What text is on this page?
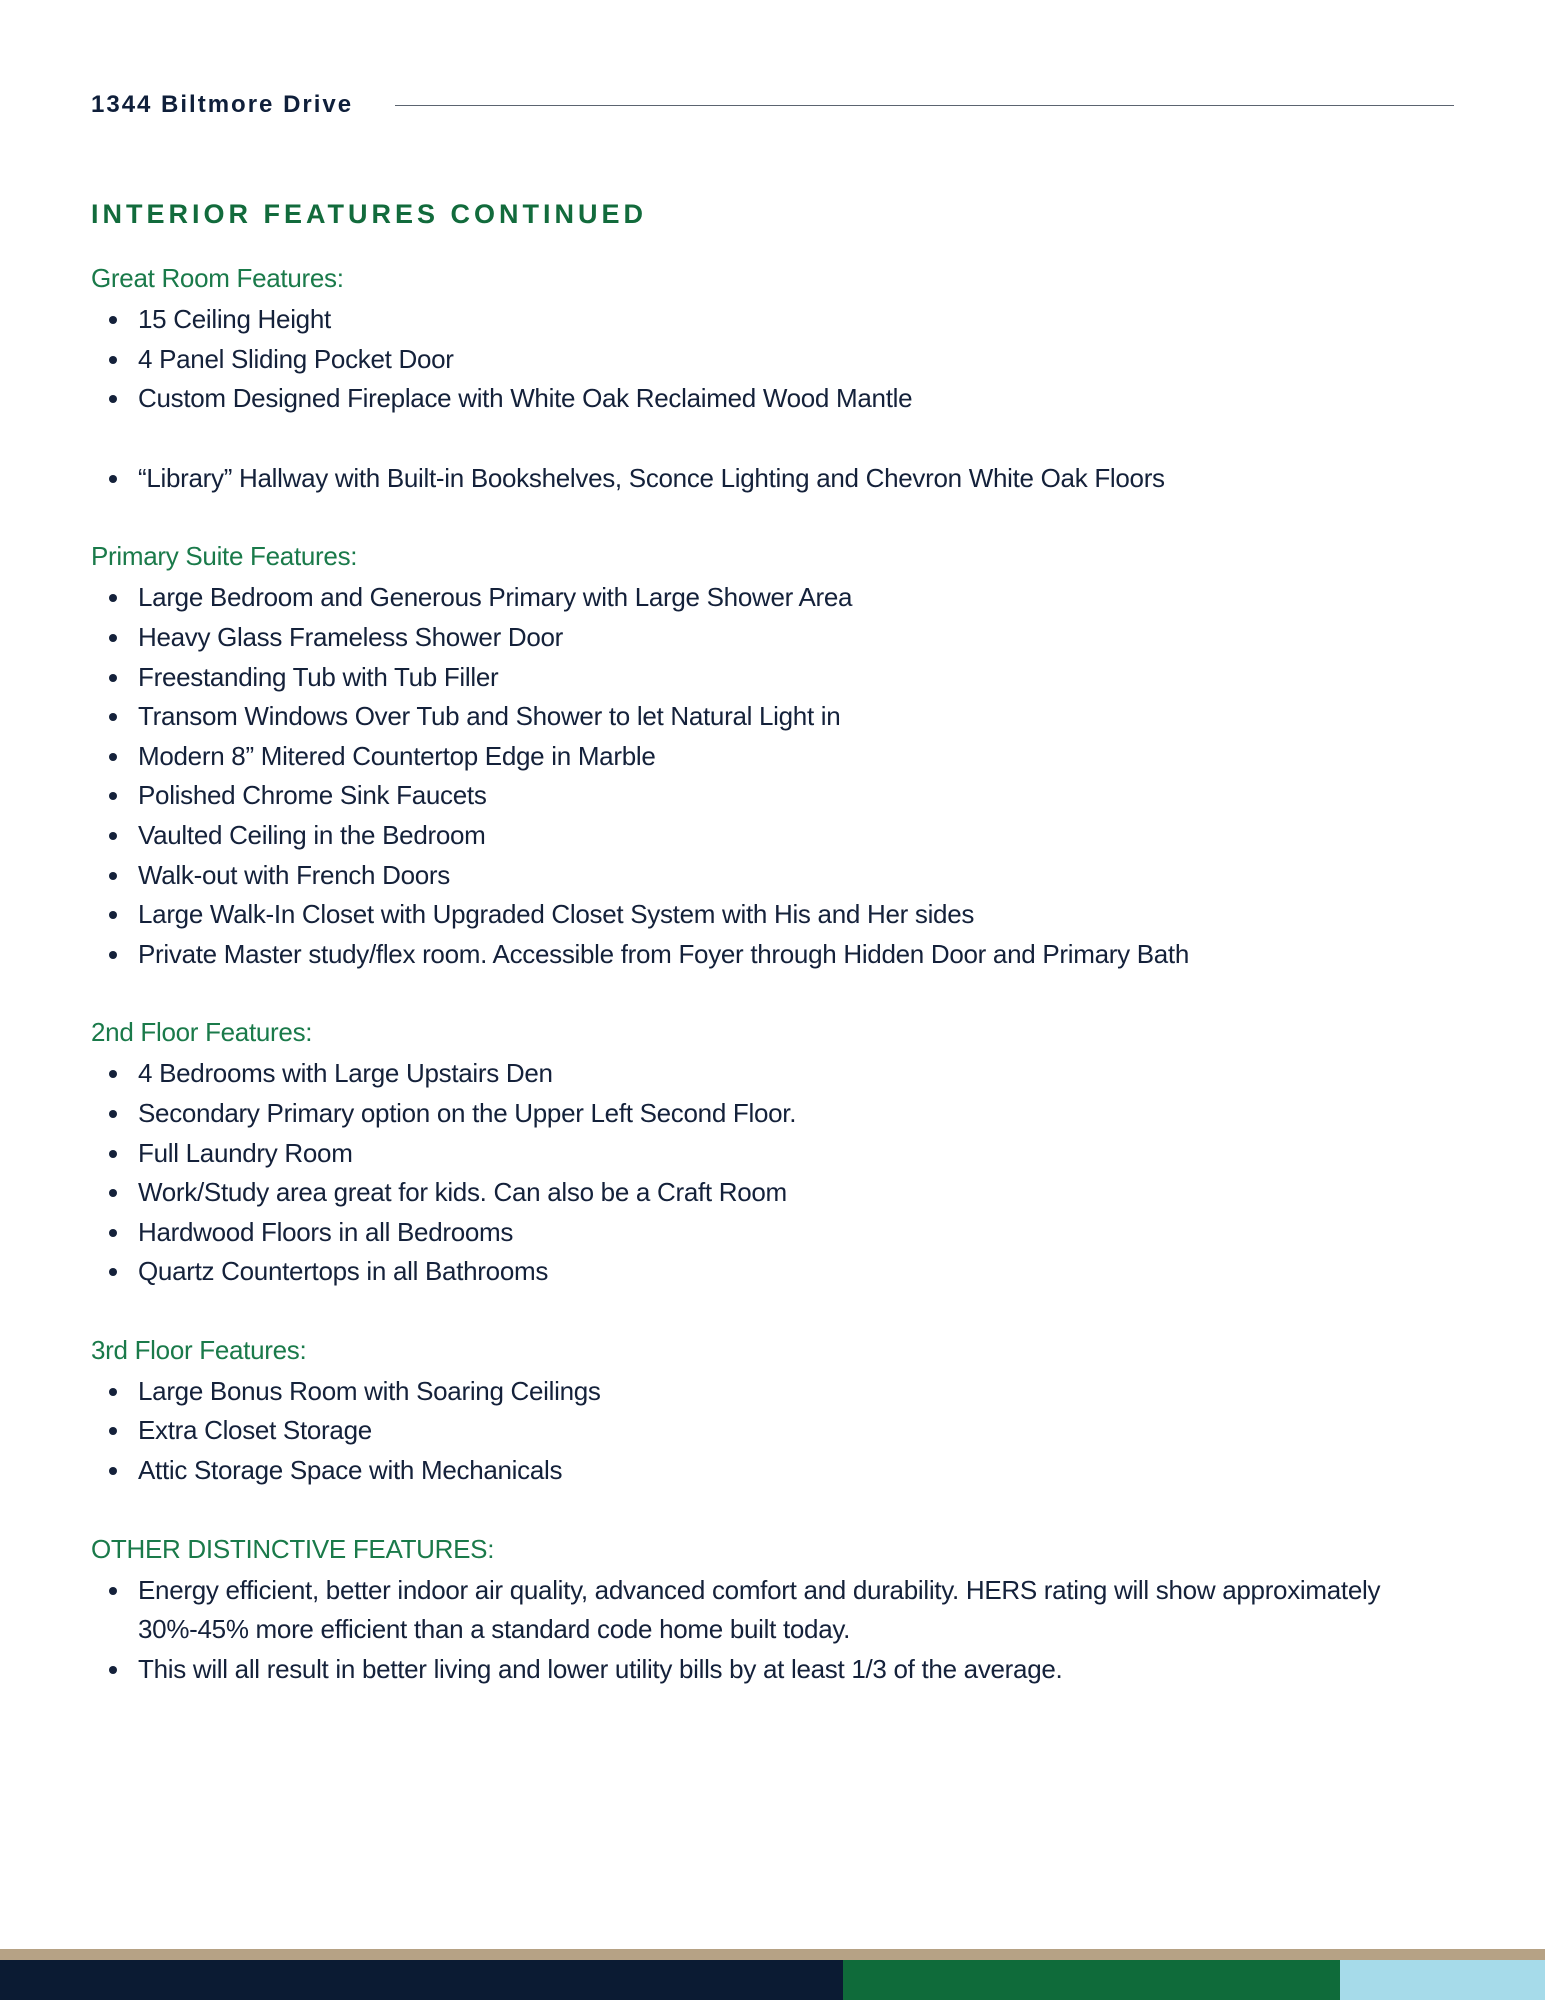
1344 Biltmore Drive
INTERIOR FEATURES CONTINUED
Great Room Features:
15 Ceiling Height
4 Panel Sliding Pocket Door
Custom Designed Fireplace with White Oak Reclaimed Wood Mantle
“Library” Hallway with Built-in Bookshelves, Sconce Lighting and Chevron White Oak Floors
Primary Suite Features:
Large Bedroom and Generous Primary with Large Shower Area
Heavy Glass Frameless Shower Door
Freestanding Tub with Tub Filler
Transom Windows Over Tub and Shower to let Natural Light in
Modern 8” Mitered Countertop Edge in Marble
Polished Chrome Sink Faucets
Vaulted Ceiling in the Bedroom
Walk-out with French Doors
Large Walk-In Closet with Upgraded Closet System with His and Her sides
Private Master study/flex room. Accessible from Foyer through Hidden Door and Primary Bath
2nd Floor Features:
4 Bedrooms with Large Upstairs Den
Secondary Primary option on the Upper Left Second Floor.
Full Laundry Room
Work/Study area great for kids. Can also be a Craft Room
Hardwood Floors in all Bedrooms
Quartz Countertops in all Bathrooms
3rd Floor Features:
Large Bonus Room with Soaring Ceilings
Extra Closet Storage
Attic Storage Space with Mechanicals
OTHER DISTINCTIVE FEATURES:
Energy efficient, better indoor air quality, advanced comfort and durability. HERS rating will show approximately 30%-45% more efficient than a standard code home built today.
This will all result in better living and lower utility bills by at least 1/3 of the average.
